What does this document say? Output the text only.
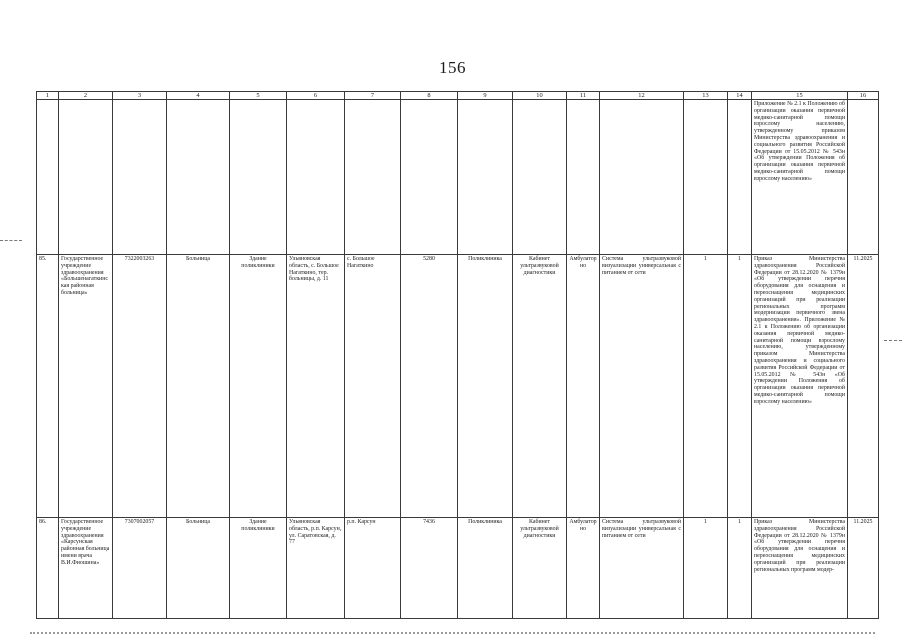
156
1	2	3	4	5	6	7	8	9	10	11	12	13	14	15	16
														Приложение № 2.1 к Положению об организации оказания первичной медико-санитарной помощи взрослому населению, утвержденному приказом Министерства здравоохранения и социального развития Российской Федерации от 15.05.2012 № 543н «Об утверждении Положения об организации оказания первичной медико-санитарной помощи взрослому населению»	
85.	Государственное учреждение здравоохранения «Большенагаткинская районная больница»	7322003263	Больница	Здание поликлиники	Ульяновская область, с. Большое Нагаткино, тер. больницы, д. 11	с. Большое Нагаткино	5280	Поликлиника	Кабинет ультразвуковой диагностики	Амбулаторно	Система ультразвуковой визуализации универсальная с питанием от сети	1	1	Приказ Министерства здравоохранения Российской Федерации от 28.12.2020 № 1379н «Об утверждении перечня оборудования для оснащения и переоснащения медицинских организаций при реализации региональных программ модернизации первичного звена здравоохранения». Приложение № 2.1 к Положению об организации оказания первичной медико-санитарной помощи взрослому населению, утвержденному приказом Министерства здравоохранения и социального развития Российской Федерации от 15.05.2012 № 543н «Об утверждении Положения об организации оказания первичной медико-санитарной помощи взрослому населению»	11.2025
86.	Государственное учреждение здравоохранения «Карсунская районная больница имени врача В.И.Фиошина»	7307002057	Больница	Здание поликлиники	Ульяновская область, р.п. Карсун, ул. Саратовская, д. 77	р.п. Карсун	7436	Поликлиника	Кабинет ультразвуковой диагностики	Амбулаторно	Система ультразвуковой визуализации универсальная с питанием от сети	1	1	Приказ Министерства здравоохранения Российской Федерации от 28.12.2020 № 1379н «Об утверждении перечня оборудования для оснащения и переоснащения медицинских организаций при реализации региональных программ модер-	11.2025
